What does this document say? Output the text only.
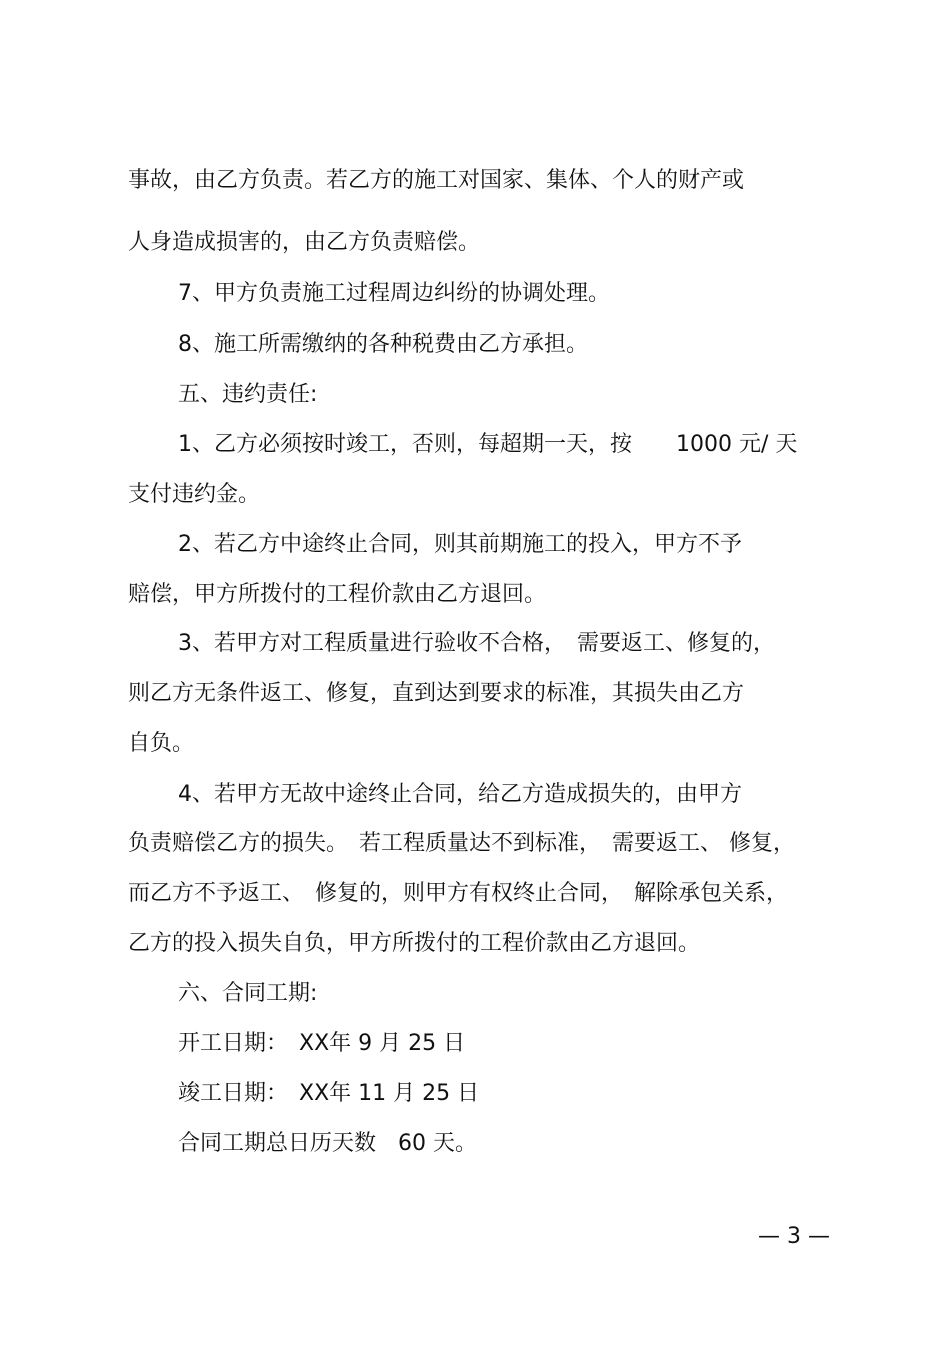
事故，由乙方负责。若乙方的施工对国家、集体、个人的财产或
人身造成损害的，由乙方负责赔偿。
7、甲方负责施工过程周边纠纷的协调处理。
8、施工所需缴纳的各种税费由乙方承担。
五、违约责任:
1、乙方必须按时竣工，否则，每超期一天，按　　1000 元/ 天
支付违约金。
2、若乙方中途终止合同，则其前期施工的投入，甲方不予
赔偿，甲方所拨付的工程价款由乙方退回。
3、若甲方对工程质量进行验收不合格，　需要返工、修复的，
则乙方无条件返工、修复，直到达到要求的标准，其损失由乙方
自负。
4、若甲方无故中途终止合同，给乙方造成损失的，由甲方
负责赔偿乙方的损失。　若工程质量达不到标准，　需要返工、 修复，
而乙方不予返工、　修复的，则甲方有权终止合同，　解除承包关系，
乙方的投入损失自负，甲方所拨付的工程价款由乙方退回。
六、合同工期:
开工日期：　XX年 9 月 25 日
竣工日期：　XX年 11 月 25 日
合同工期总日历天数　60 天。
— 3 —
